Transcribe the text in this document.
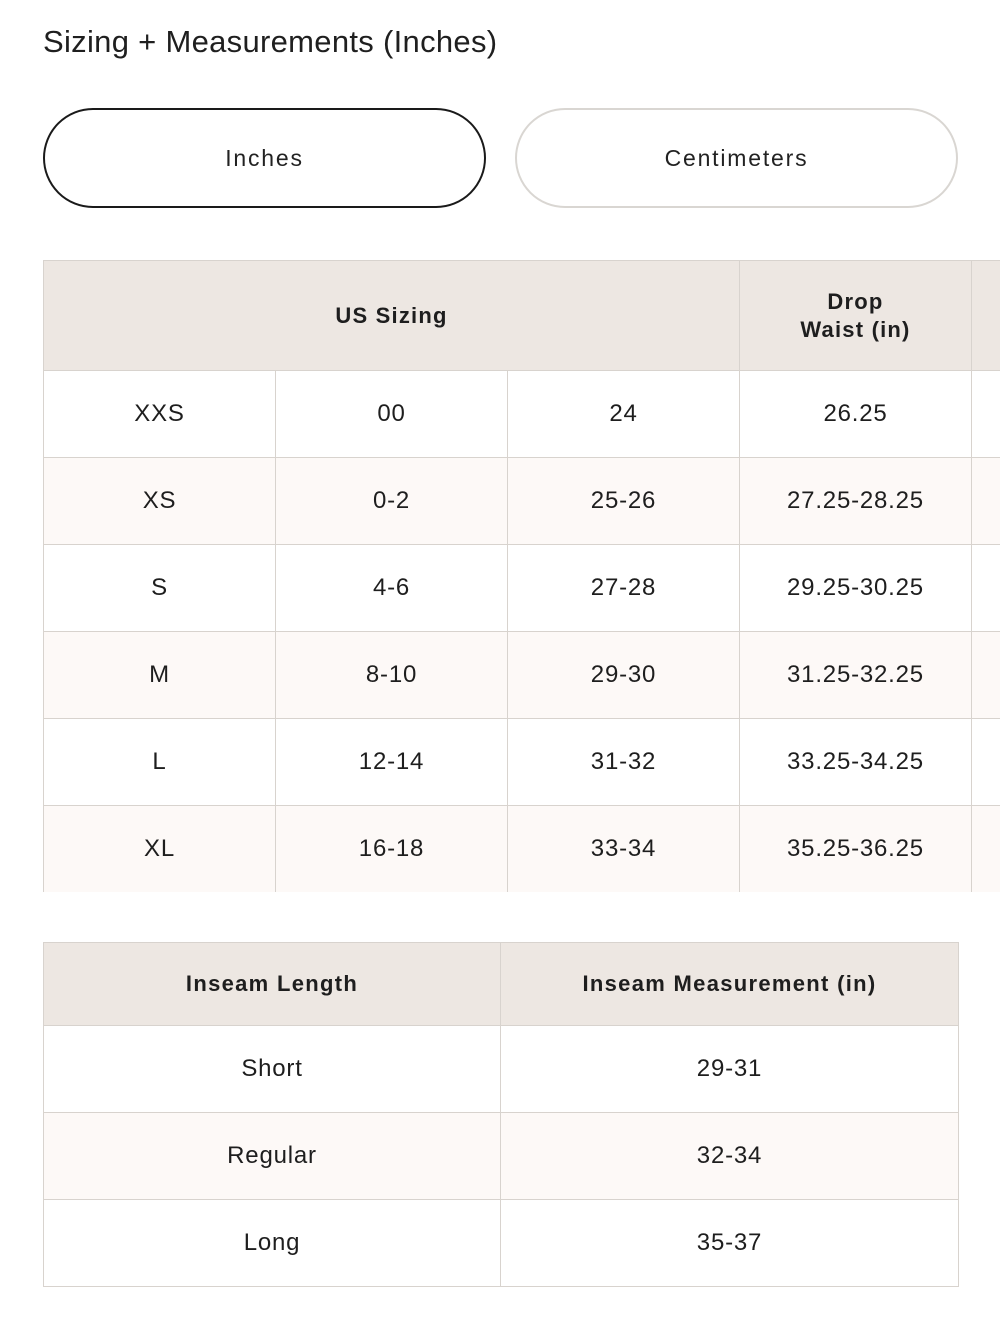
Sizing + Measurements (Inches)
Inches	Centimeters
US Sizing			Drop
Waist (in)	
XXS	00	24	26.25	
XS	0-2	25-26	27.25-28.25	
S	4-6	27-28	29.25-30.25	
M	8-10	29-30	31.25-32.25	
L	12-14	31-32	33.25-34.25	
XL	16-18	33-34	35.25-36.25	
Inseam Length	Inseam Measurement (in)
Short	29-31
Regular	32-34
Long	35-37
